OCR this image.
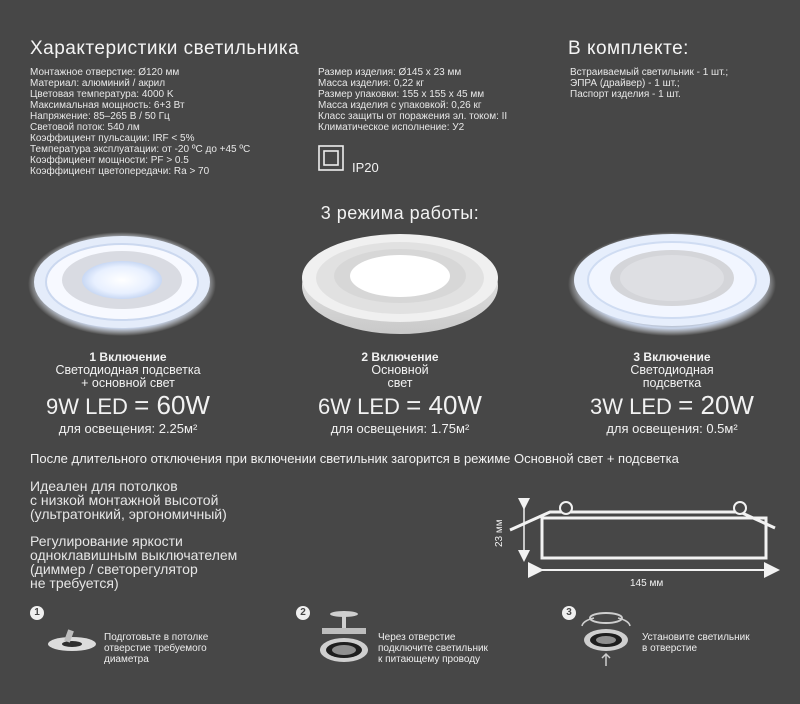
Характеристики светильника	В комплекте:
Монтажное отверстие: Ø120 мм
Материал: алюминий / акрил
Цветовая температура: 4000 K
Максимальная мощность: 6+3 Вт
Напряжение: 85–265 В / 50 Гц
Световой поток: 540 лм
Коэффициент пульсации: IRF < 5%
Температура эксплуатации: от -20 ºС до +45 ºС
Коэффициент мощности: PF > 0.5
Коэффициент цветопередачи: Ra > 70
Размер изделия: Ø145 x 23 мм
Масса изделия: 0,22 кг
Размер упаковки: 155 x 155 x 45 мм
Масса изделия с упаковкой: 0,26 кг
Класс защиты от поражения эл. током: II
Климатическое исполнение: У2
Встраиваемый светильник - 1 шт.;
ЭПРА (драйвер) - 1 шт.;
Паспорт изделия - 1 шт.
IP20
3 режима работы:
1 Включение
Светодиодная подсветка
+ основной свет
9W LED = 60W
для освещения: 2.25м²
2 Включение
Основной
свет
6W LED = 40W
для освещения: 1.75м²
3 Включение
Светодиодная
подсветка
3W LED = 20W
для освещения: 0.5м²
После длительного отключения при включении светильник загорится в режиме Основной свет + подсветка
Идеален для потолков
с низкой монтажной высотой
(ультратонкий, эргономичный)
Регулирование яркости
одноклавишным выключателем
(диммер / светорегулятор
не требуется)
23 мм
145 мм
1
Подготовьте в потолке
отверстие требуемого
диаметра
2
Через отверстие
подключите светильник
к питающему проводу
3
Установите светильник
в отверстие
